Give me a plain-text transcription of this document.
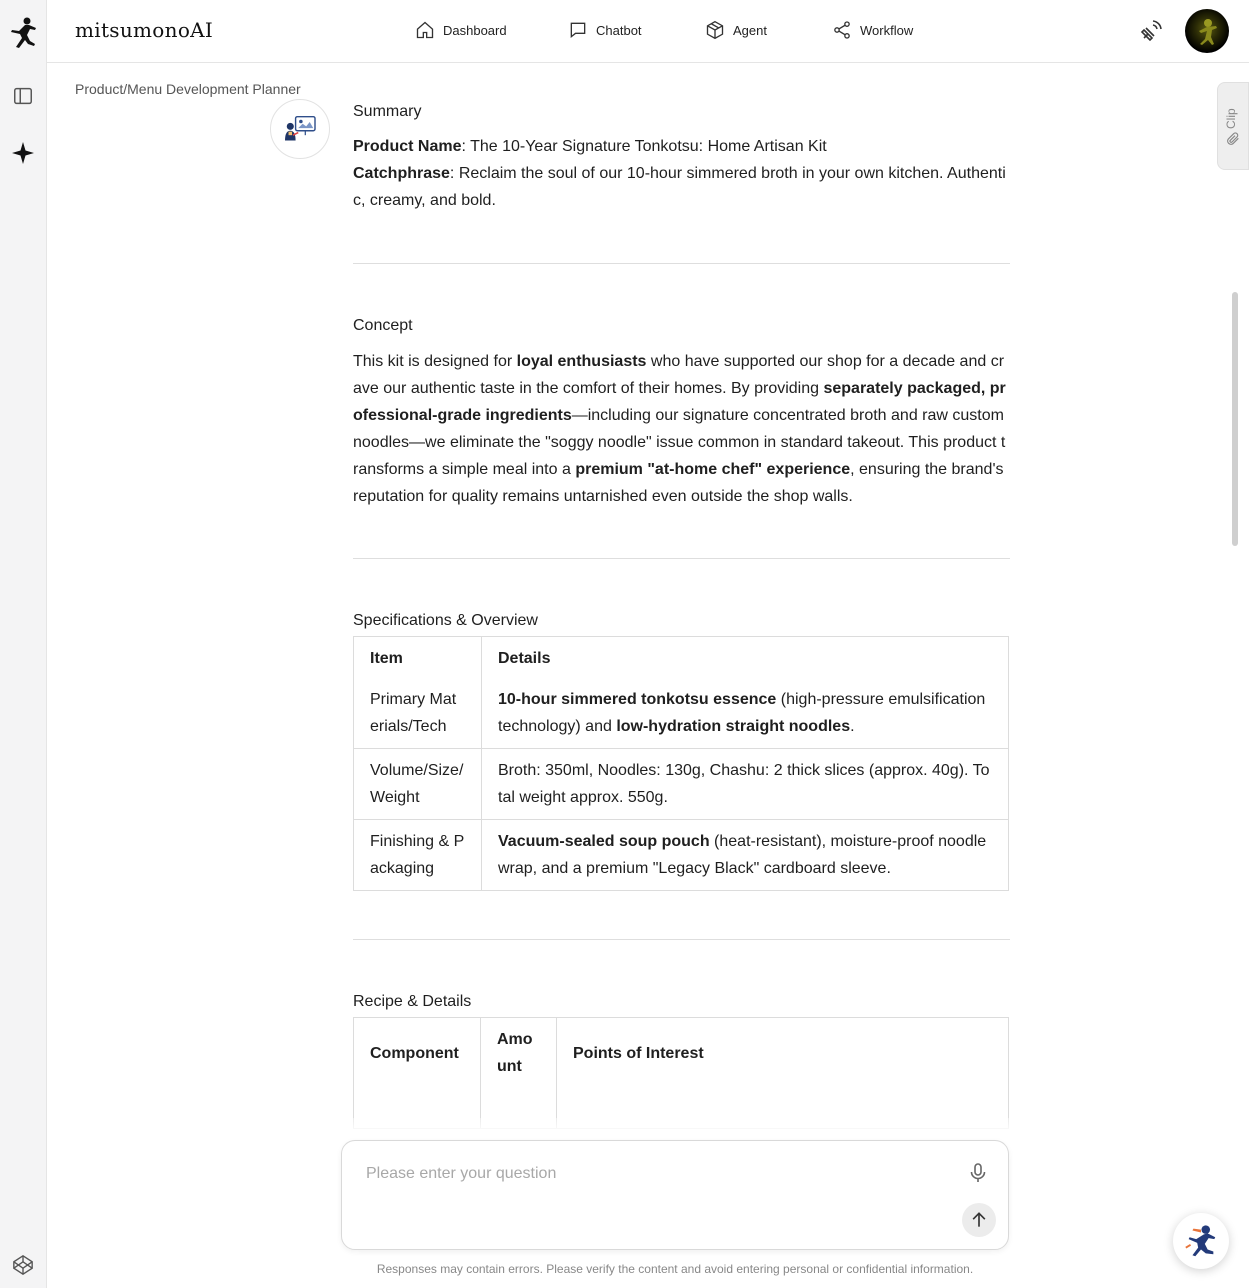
mitsumonoAI	Dashboard	Chatbot	Agent	Workflow
Product/Menu Development Planner
Clip
Summary
Product Name: The 10-Year Signature Tonkotsu: Home Artisan Kit
Catchphrase: Reclaim the soul of our 10-hour simmered broth in your own kitchen. Authentic, creamy, and bold.
Concept
This kit is designed for loyal enthusiasts who have supported our shop for a decade and crave our authentic taste in the comfort of their homes. By providing separately packaged, professional-grade ingredients—including our signature concentrated broth and raw custom noodles—we eliminate the "soggy noodle" issue common in standard takeout. This product transforms a simple meal into a premium "at-home chef" experience, ensuring the brand's reputation for quality remains untarnished even outside the shop walls.
Specifications & Overview
Item	Details
Primary Materials/Tech	10-hour simmered tonkotsu essence (high-pressure emulsification technology) and low-hydration straight noodles.
Volume/Size/Weight	Broth: 350ml, Noodles: 130g, Chashu: 2 thick slices (approx. 40g). Total weight approx. 550g.
Finishing & Packaging	Vacuum-sealed soup pouch (heat-resistant), moisture-proof noodle wrap, and a premium "Legacy Black" cardboard sleeve.
Recipe & Details
Component	Amount	Points of Interest

Please enter your question
Responses may contain errors. Please verify the content and avoid entering personal or confidential information.
